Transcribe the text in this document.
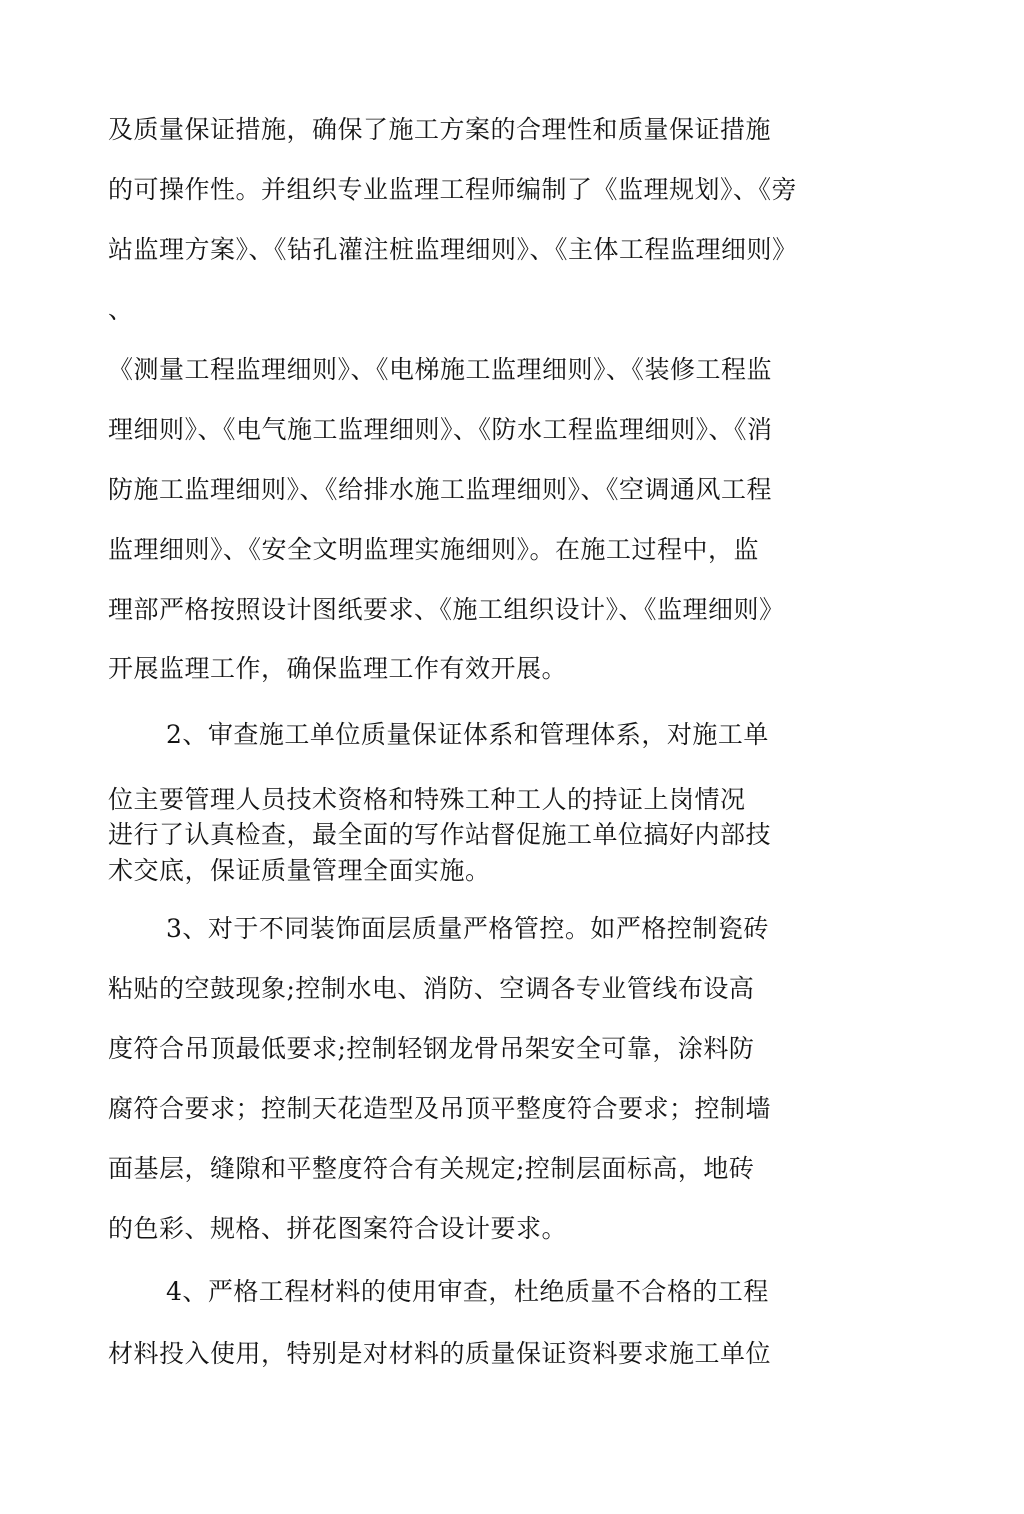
及质量保证措施，确保了施工方案的合理性和质量保证措施
的可操作性。并组织专业监理工程师编制了《监理规划》、《旁
站监理方案》、《钻孔灌注桩监理细则》、《主体工程监理细则》
、
《测量工程监理细则》、《电梯施工监理细则》、《装修工程监
理细则》、《电气施工监理细则》、《防水工程监理细则》、《消
防施工监理细则》、《给排水施工监理细则》、《空调通风工程
监理细则》、《安全文明监理实施细则》。在施工过程中，监
理部严格按照设计图纸要求、《施工组织设计》、《监理细则》
开展监理工作，确保监理工作有效开展。
2、审查施工单位质量保证体系和管理体系，对施工单
位主要管理人员技术资格和特殊工种工人的持证上岗情况
进行了认真检查，最全面的写作站督促施工单位搞好内部技
术交底，保证质量管理全面实施。
3、对于不同装饰面层质量严格管控。如严格控制瓷砖
粘贴的空鼓现象;控制水电、消防、空调各专业管线布设高
度符合吊顶最低要求;控制轻钢龙骨吊架安全可靠，涂料防
腐符合要求；控制天花造型及吊顶平整度符合要求；控制墙
面基层，缝隙和平整度符合有关规定;控制层面标高，地砖
的色彩、规格、拼花图案符合设计要求。
4、严格工程材料的使用审查，杜绝质量不合格的工程
材料投入使用，特别是对材料的质量保证资料要求施工单位
